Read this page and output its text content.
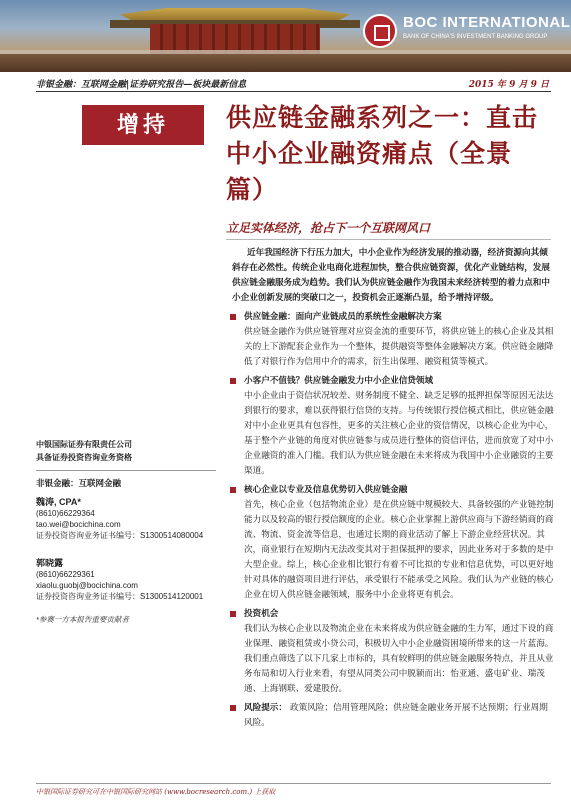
BOC INTERNATIONAL
BANK OF CHINA'S INVESTMENT BANKING GROUP
非银金融：互联网金融|证券研究报告—板块最新信息	2015 年 9 月 9 日
增持	供应链金融系列之一：直击中小企业融资痛点（全景篇）
立足实体经济，抢占下一个互联网风口

近年我国经济下行压力加大，中小企业作为经济发展的推动器，经济资源向其倾斜存在必然性。传统企业电商化进程加快，整合供应链资源，优化产业链结构，发展供应链金融服务成为趋势。我们认为供应链金融作为我国未来经济转型的着力点和中小企业创新发展的突破口之一，投资机会正逐渐凸显，给予增持评级。

供应链金融：面向产业链成员的系统性金融解决方案

供应链金融作为供应链管理对应资金流的重要环节，将供应链上的核心企业及其相关的上下游配套企业作为一个整体，提供融资等整体金融解决方案。供应链金融降低了对银行作为信用中介的需求，衍生出保理、融资租赁等模式。

小客户不值钱？供应链金融发力中小企业信贷领域

中小企业由于资信状况较差、财务制度不健全、缺乏足够的抵押担保等原因无法达到银行的要求，难以获得银行信贷的支持。与传统银行授信模式相比，供应链金融对中小企业更具有包容性，更多的关注核心企业的资信情况，以核心企业为中心，基于整个产业链的角度对供应链参与成员进行整体的资信评估，进而放宽了对中小企业融资的准入门槛。我们认为供应链金融在未来将成为我国中小企业融资的主要渠道。

核心企业以专业及信息优势切入供应链金融

首先，核心企业（包括物流企业）是在供应链中规模较大、具备较强的产业链控制能力以及较高的银行授信额度的企业。核心企业掌握上游供应商与下游经销商的商流、物流、资金流等信息，也通过长期的商业活动了解上下游企业经营状况。其次，商业银行在短期内无法改变其对于担保抵押的要求，因此业务对于多数的是中大型企业。综上，核心企业相比银行有着不可比拟的专业和信息优势，可以更好地针对具体的融资项目进行评估，承受银行不能承受之风险。我们认为产业链的核心企业在切入供应链金融领域，服务中小企业将更有机会。

投资机会

我们认为核心企业以及物流企业在未来将成为供应链金融的生力军，通过下设的商业保理、融资租赁或小贷公司，积极切入中小企业融资困境所带来的这一片蓝海。我们重点筛选了以下几家上市标的，具有较鲜明的供应链金融服务特点，并且从业务布局和切入行业来看，有望从同类公司中脱颖而出：怡亚通、盛屯矿业、瑞茂通、上海钢联、爱建股份。

风险提示： 政策风险；信用管理风险；供应链金融业务开展不达预期；行业周期风险。
中银国际证券有限责任公司
具备证券投资咨询业务资格
非银金融：互联网金融
魏涛, CPA*
(8610)66229364
tao.wei@bocichina.com
证券投资咨询业务证书编号：S1300514080004
郭晓露
(8610)66229361
xiaolu.guobj@bocichina.com
证券投资咨询业务证书编号：S1300514120001
*参赛一方本报告重要贡献者
中银国际证券研究可在中银国际研究网站 (www.bocresearch.com.) 上获取
